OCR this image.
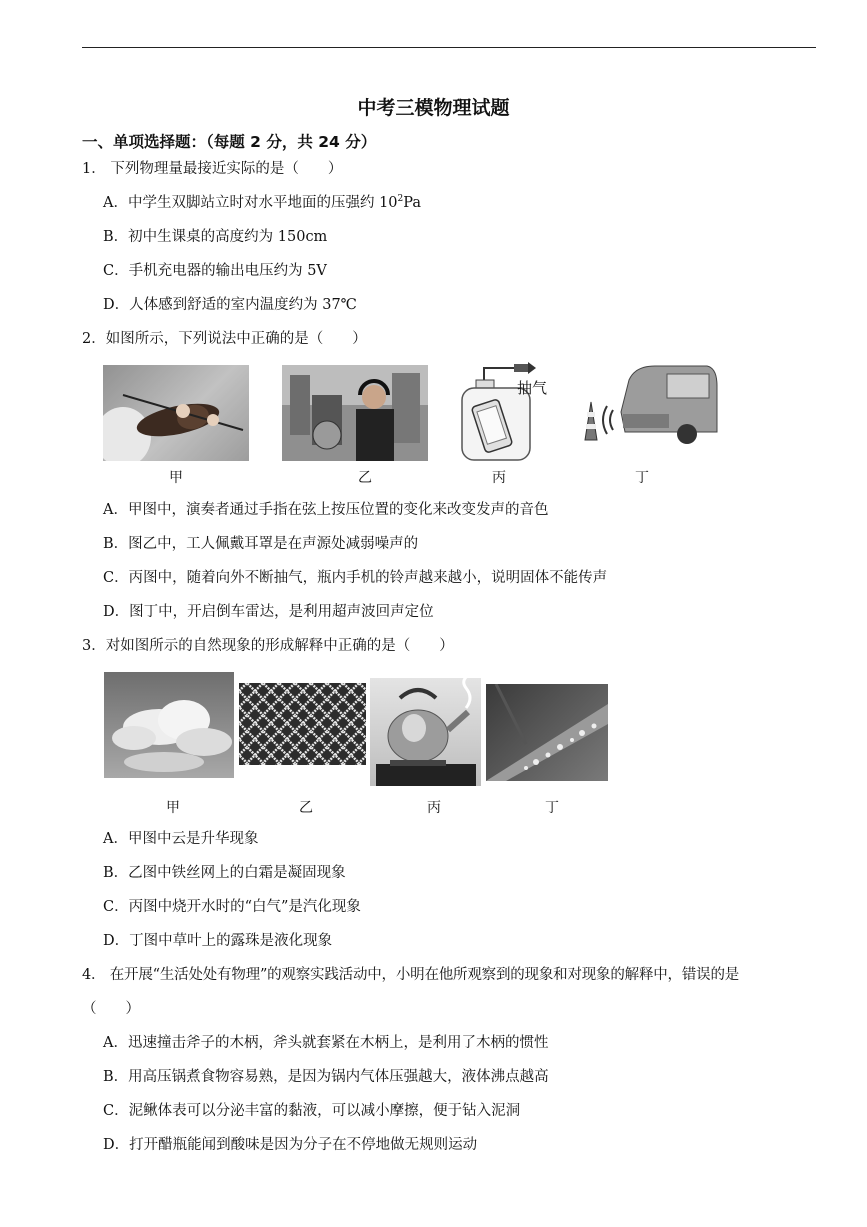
中考三模物理试题
一、单项选择题：（每题 2 分，共 24 分）
1． 下列物理量最接近实际的是（　　）
A．中学生双脚站立时对水平地面的压强约 $10^2Pa$
B．初中生课桌的高度约为 150cm
C．手机充电器的输出电压约为 5V
D．人体感到舒适的室内温度约为 37℃
2．如图所示，下列说法中正确的是（　　）
抽气
甲	乙	丙	丁
A．甲图中，演奏者通过手指在弦上按压位置的变化来改变发声的音色
B．图乙中，工人佩戴耳罩是在声源处减弱噪声的
C．丙图中，随着向外不断抽气，瓶内手机的铃声越来越小，说明固体不能传声
D．图丁中，开启倒车雷达，是利用超声波回声定位
3．对如图所示的自然现象的形成解释中正确的是（　　）
甲	乙	丙	丁
A．甲图中云是升华现象
B．乙图中铁丝网上的白霜是凝固现象
C．丙图中烧开水时的“白气”是汽化现象
D．丁图中草叶上的露珠是液化现象
4． 在开展“生活处处有物理”的观察实践活动中，小明在他所观察到的现象和对现象的解释中，错误的是
（　　）
A．迅速撞击斧子的木柄，斧头就套紧在木柄上，是利用了木柄的惯性
B．用高压锅煮食物容易熟，是因为锅内气体压强越大，液体沸点越高
C．泥鳅体表可以分泌丰富的黏液，可以减小摩擦，便于钻入泥洞
D．打开醋瓶能闻到酸味是因为分子在不停地做无规则运动
